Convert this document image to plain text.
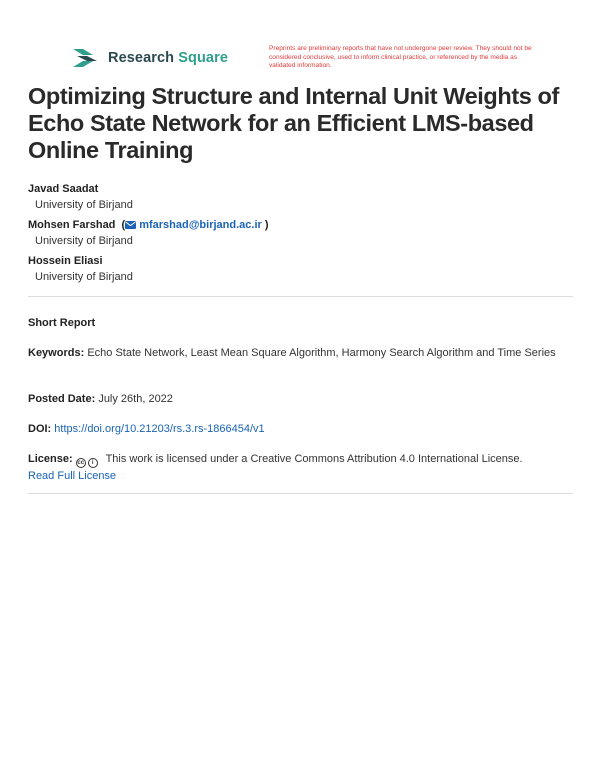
Research Square
Preprints are preliminary reports that have not undergone peer review. They should not be considered conclusive, used to inform clinical practice, or referenced by the media as validated information.
Optimizing Structure and Internal Unit Weights of Echo State Network for an Efficient LMS-based Online Training
Javad Saadat
University of Birjand
Mohsen Farshad ( mfarshad@birjand.ac.ir )
University of Birjand
Hossein Eliasi
University of Birjand
Short Report
Keywords: Echo State Network, Least Mean Square Algorithm, Harmony Search Algorithm and Time Series
Posted Date: July 26th, 2022
DOI: https://doi.org/10.21203/rs.3.rs-1866454/v1
License: cc	i	This work is licensed under a Creative Commons Attribution 4.0 International License.
Read Full License
